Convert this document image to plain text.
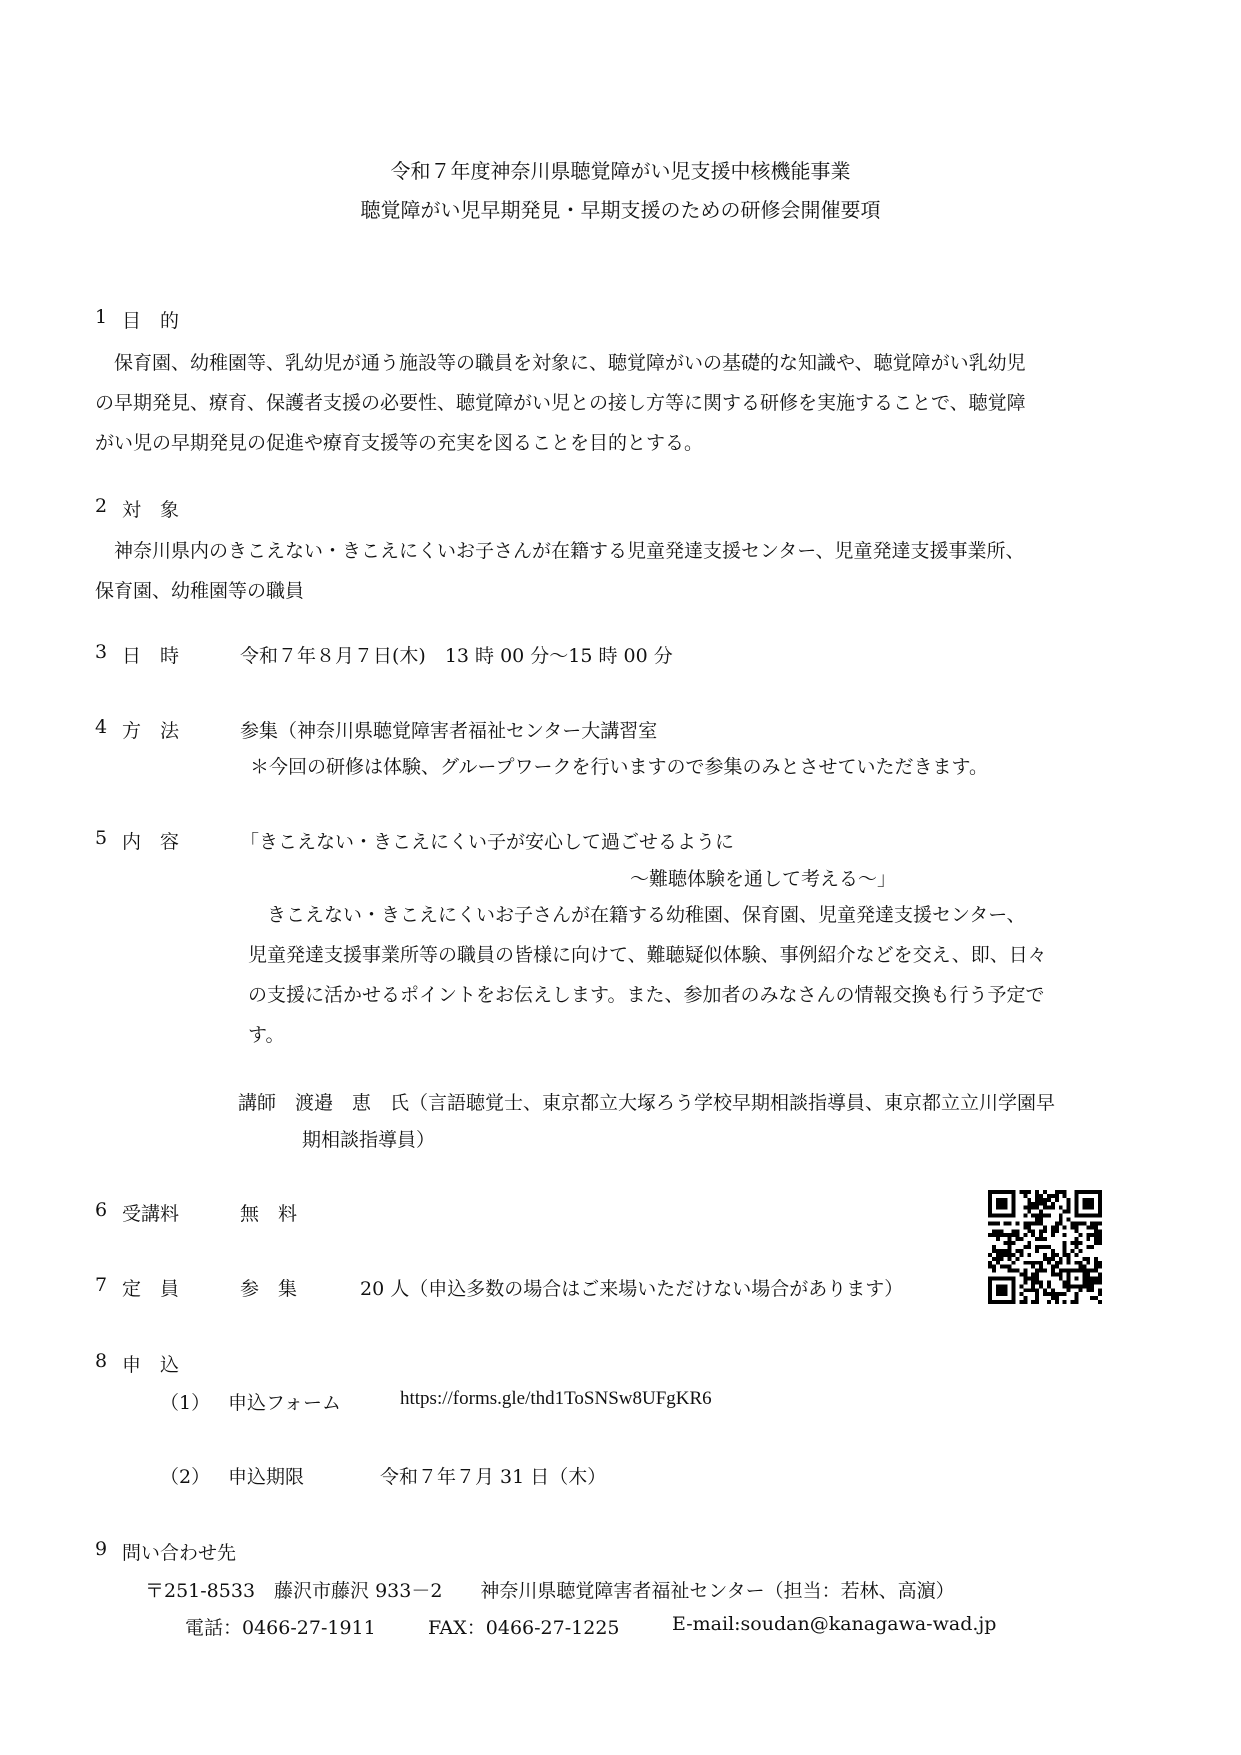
令和７年度神奈川県聴覚障がい児支援中核機能事業
聴覚障がい児早期発見・早期支援のための研修会開催要項
1 目　的
　保育園、幼稚園等、乳幼児が通う施設等の職員を対象に、聴覚障がいの基礎的な知識や、聴覚障がい乳幼児
の早期発見、療育、保護者支援の必要性、聴覚障がい児との接し方等に関する研修を実施することで、聴覚障
がい児の早期発見の促進や療育支援等の充実を図ることを目的とする。
2 対　象
　神奈川県内のきこえない・きこえにくいお子さんが在籍する児童発達支援センター、児童発達支援事業所、
保育園、幼稚園等の職員
3 日　時	令和７年８月７日(木)　13 時 00 分～15 時 00 分
4 方　法	参集（神奈川県聴覚障害者福祉センター大講習室
＊今回の研修は体験、グループワークを行いますので参集のみとさせていただきます。
5 内　容	「きこえない・きこえにくい子が安心して過ごせるように
～難聴体験を通して考える～」
　きこえない・きこえにくいお子さんが在籍する幼稚園、保育園、児童発達支援センター、
児童発達支援事業所等の職員の皆様に向けて、難聴疑似体験、事例紹介などを交え、即、日々
の支援に活かせるポイントをお伝えします。また、参加者のみなさんの情報交換も行う予定で
す。
講師　渡邉　恵　氏（言語聴覚士、東京都立大塚ろう学校早期相談指導員、東京都立立川学園早
期相談指導員）
6 受講料	無　料
7 定　員	参　集	20 人（申込多数の場合はご来場いただけない場合があります）
8 申　込
（1） 申込フォーム	https://forms.gle/thd1ToSNSw8UFgKR6
（2） 申込期限	令和７年７月 31 日（木）
9 問い合わせ先
〒251-8533　藤沢市藤沢 933－2　　神奈川県聴覚障害者福祉センター（担当：若林、高濵）
電話：0466-27-1911	FAX：0466-27-1225	E-mail:soudan@kanagawa-wad.jp
